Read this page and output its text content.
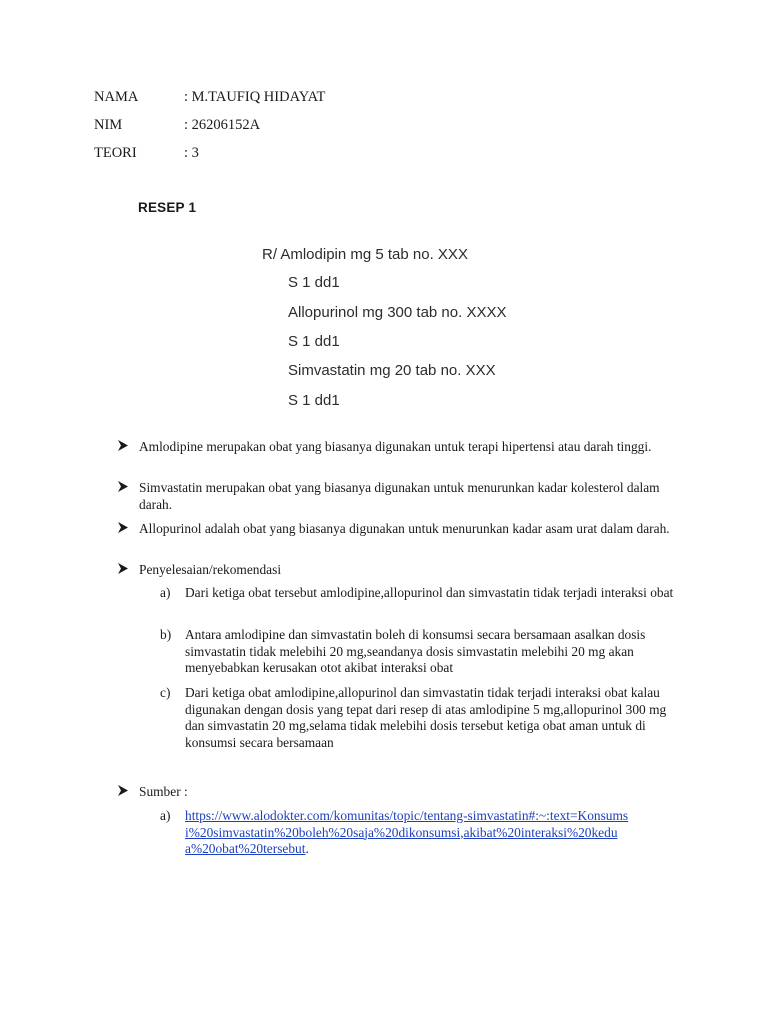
NAMA	: M.TAUFIQ HIDAYAT
NIM	: 26206152A
TEORI	: 3
RESEP 1
R/ Amlodipin mg 5 tab no. XXX
S 1 dd1
Allopurinol mg 300 tab no. XXXX
S 1 dd1
Simvastatin mg 20 tab no. XXX
S 1 dd1
Amlodipine merupakan obat yang biasanya digunakan untuk terapi hipertensi atau darah tinggi.
Simvastatin merupakan obat yang biasanya digunakan untuk menurunkan kadar kolesterol dalam darah.
Allopurinol adalah obat yang biasanya digunakan untuk menurunkan kadar asam urat dalam darah.
Penyelesaian/rekomendasi
a) Dari ketiga obat tersebut amlodipine,allopurinol dan simvastatin tidak terjadi interaksi obat
b) Antara amlodipine dan simvastatin boleh di konsumsi secara bersamaan asalkan dosis simvastatin tidak melebihi 20 mg,seandanya dosis simvastatin melebihi 20 mg akan menyebabkan kerusakan otot akibat interaksi obat
c) Dari ketiga obat amlodipine,allopurinol dan simvastatin tidak terjadi interaksi obat kalau digunakan dengan dosis yang tepat dari resep di atas amlodipine 5 mg,allopurinol 300 mg dan simvastatin 20 mg,selama tidak melebihi dosis tersebut ketiga obat aman untuk di konsumsi secara bersamaan
Sumber :
a) https://www.alodokter.com/komunitas/topic/tentang-simvastatin#:~:text=Konsumsi%20simvastatin%20boleh%20saja%20dikonsumsi,akibat%20interaksi%20kedua%20obat%20tersebut.
